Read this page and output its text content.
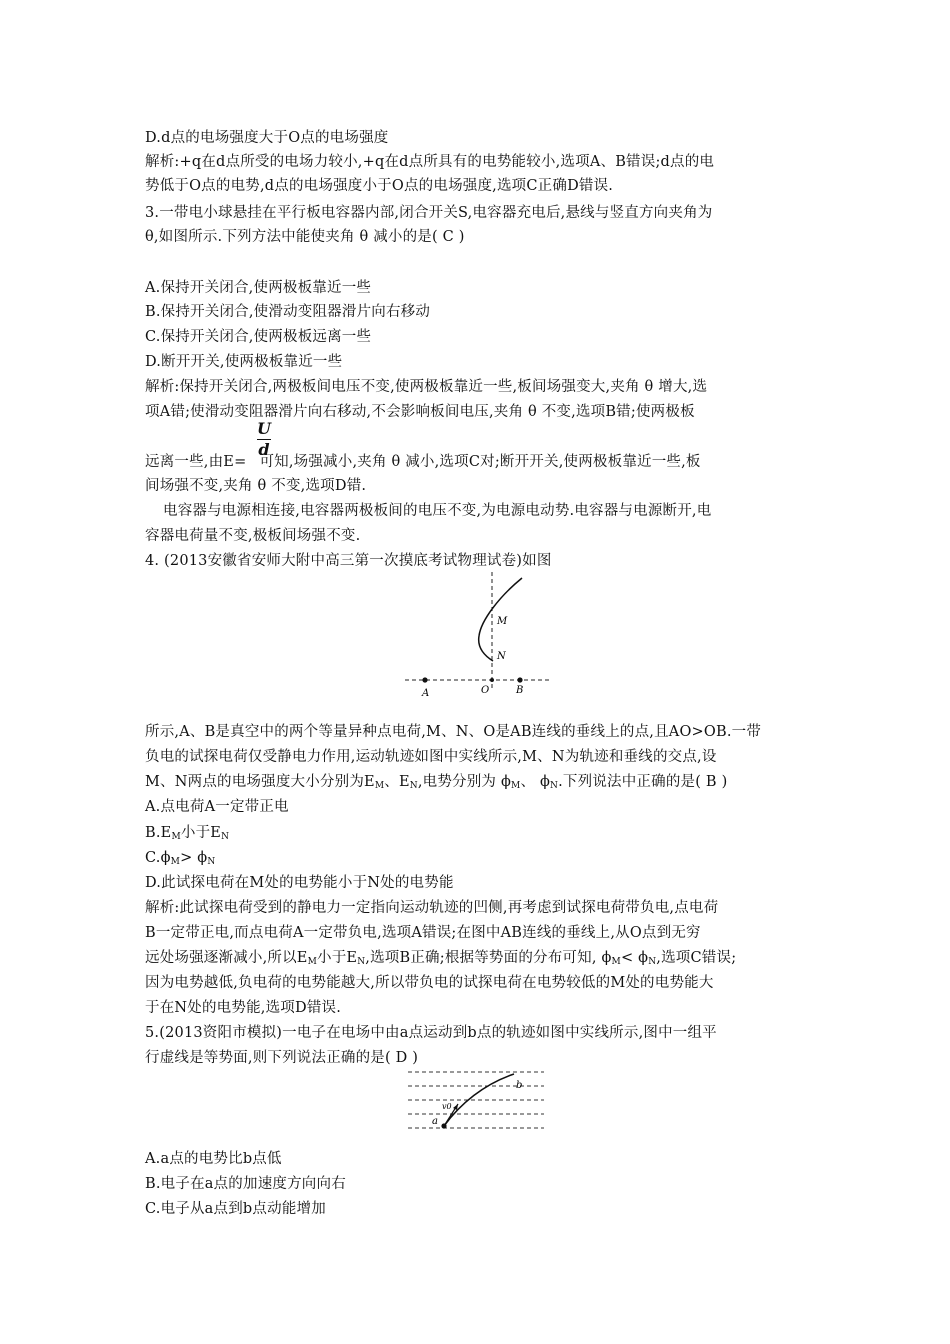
D.d点的电场强度大于O点的电场强度
解析:+q在d点所受的电场力较小,+q在d点所具有的电势能较小,选项A、B错误;d点的电
势低于O点的电势,d点的电场强度小于O点的电场强度,选项C正确D错误.
3.一带电小球悬挂在平行板电容器内部,闭合开关S,电容器充电后,悬线与竖直方向夹角为
θ,如图所示.下列方法中能使夹角 θ 减小的是( C )
A.保持开关闭合,使两极板靠近一些
B.保持开关闭合,使滑动变阻器滑片向右移动
C.保持开关闭合,使两极板远离一些
D.断开开关,使两极板靠近一些
解析:保持开关闭合,两极板间电压不变,使两极板靠近一些,板间场强变大,夹角 θ 增大,选
项A错;使滑动变阻器滑片向右移动,不会影响板间电压,夹角 θ 不变,选项B错;使两极板
U
d
远离一些,由E= 可知,场强减小,夹角 θ 减小,选项C对;断开开关,使两极板靠近一些,板
间场强不变,夹角 θ 不变,选项D错.
电容器与电源相连接,电容器两极板间的电压不变,为电源电动势.电容器与电源断开,电
容器电荷量不变,极板间场强不变.
4. (2013安徽省安师大附中高三第一次摸底考试物理试卷)如图
A	O	B
M
N
所示,A、B是真空中的两个等量异种点电荷,M、N、O是AB连线的垂线上的点,且AO>OB.一带
负电的试探电荷仅受静电力作用,运动轨迹如图中实线所示,M、N为轨迹和垂线的交点,设
M、N两点的电场强度大小分别为$E_M$、$E_N$,电势分别为 $\phi_M$、 $\phi_N$.下列说法中正确的是( B )
A.点电荷A一定带正电
$B.E_M$小于$E_N$
$C.\phi_M> \phi_N$
D.此试探电荷在M处的电势能小于N处的电势能
解析:此试探电荷受到的静电力一定指向运动轨迹的凹侧,再考虑到试探电荷带负电,点电荷
B一定带正电,而点电荷A一定带负电,选项A错误;在图中AB连线的垂线上,从O点到无穷
远处场强逐渐减小,所以$E_M$小于$E_N$,选项B正确;根据等势面的分布可知, $\phi_M< \phi_N$,选项C错误;
因为电势越低,负电荷的电势能越大,所以带负电的试探电荷在电势较低的M处的电势能大
于在N处的电势能,选项D错误.
5.(2013资阳市模拟)一电子在电场中由a点运动到b点的轨迹如图中实线所示,图中一组平
行虚线是等势面,则下列说法正确的是( D )
a
b
v0
A.a点的电势比b点低
B.电子在a点的加速度方向向右
C.电子从a点到b点动能增加
